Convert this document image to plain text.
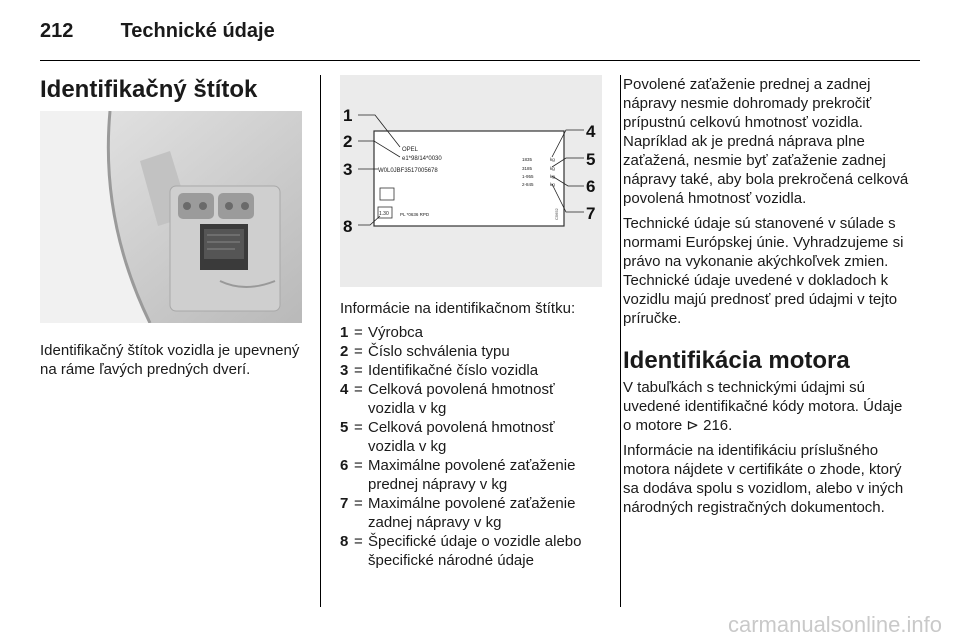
212 Technické údaje
Identifikačný štítok

Identifikačný štítok vozidla je upevnený na ráme ľavých predných dverí.

OPEL
e1*98/14*0030
W0L0JBF3517005678
1835
3185
1-955
2-845
kg
kg
kg
kg
1.30	PL *0636 RPD	C5652
1
2
3
8
4
5
6
7

Informácie na identifikačnom štítku:

1 = Výrobca
2 = Číslo schválenia typu
3 = Identifikačné číslo vozidla
4 = Celková povolená hmotnosť vozidla v kg
5 = Celková povolená hmotnosť vozidla v kg
6 = Maximálne povolené zaťaženie prednej nápravy v kg
7 = Maximálne povolené zaťaženie zadnej nápravy v kg
8 = Špecifické údaje o vozidle alebo špecifické národné údaje

Povolené zaťaženie prednej a zadnej nápravy nesmie dohromady prekročiť prípustnú celkovú hmotnosť vozidla. Napríklad ak je predná náprava plne zaťažená, nesmie byť zaťaženie zadnej nápravy také, aby bola prekročená celková povolená hmotnosť vozidla.

Technické údaje sú stanovené v súlade s normami Európskej únie. Vyhradzujeme si právo na vykonanie akýchkoľvek zmien. Technické údaje uvedené v dokladoch k vozidlu majú prednosť pred údajmi v tejto príručke.

Identifikácia motora

V tabuľkách s technickými údajmi sú uvedené identifikačné kódy motora. Údaje o motore ⊳ 216.

Informácie na identifikáciu príslušného motora nájdete v certifikáte o zhode, ktorý sa dodáva spolu s vozidlom, alebo v iných národných registračných dokumentoch.

carmanualsonline.info
